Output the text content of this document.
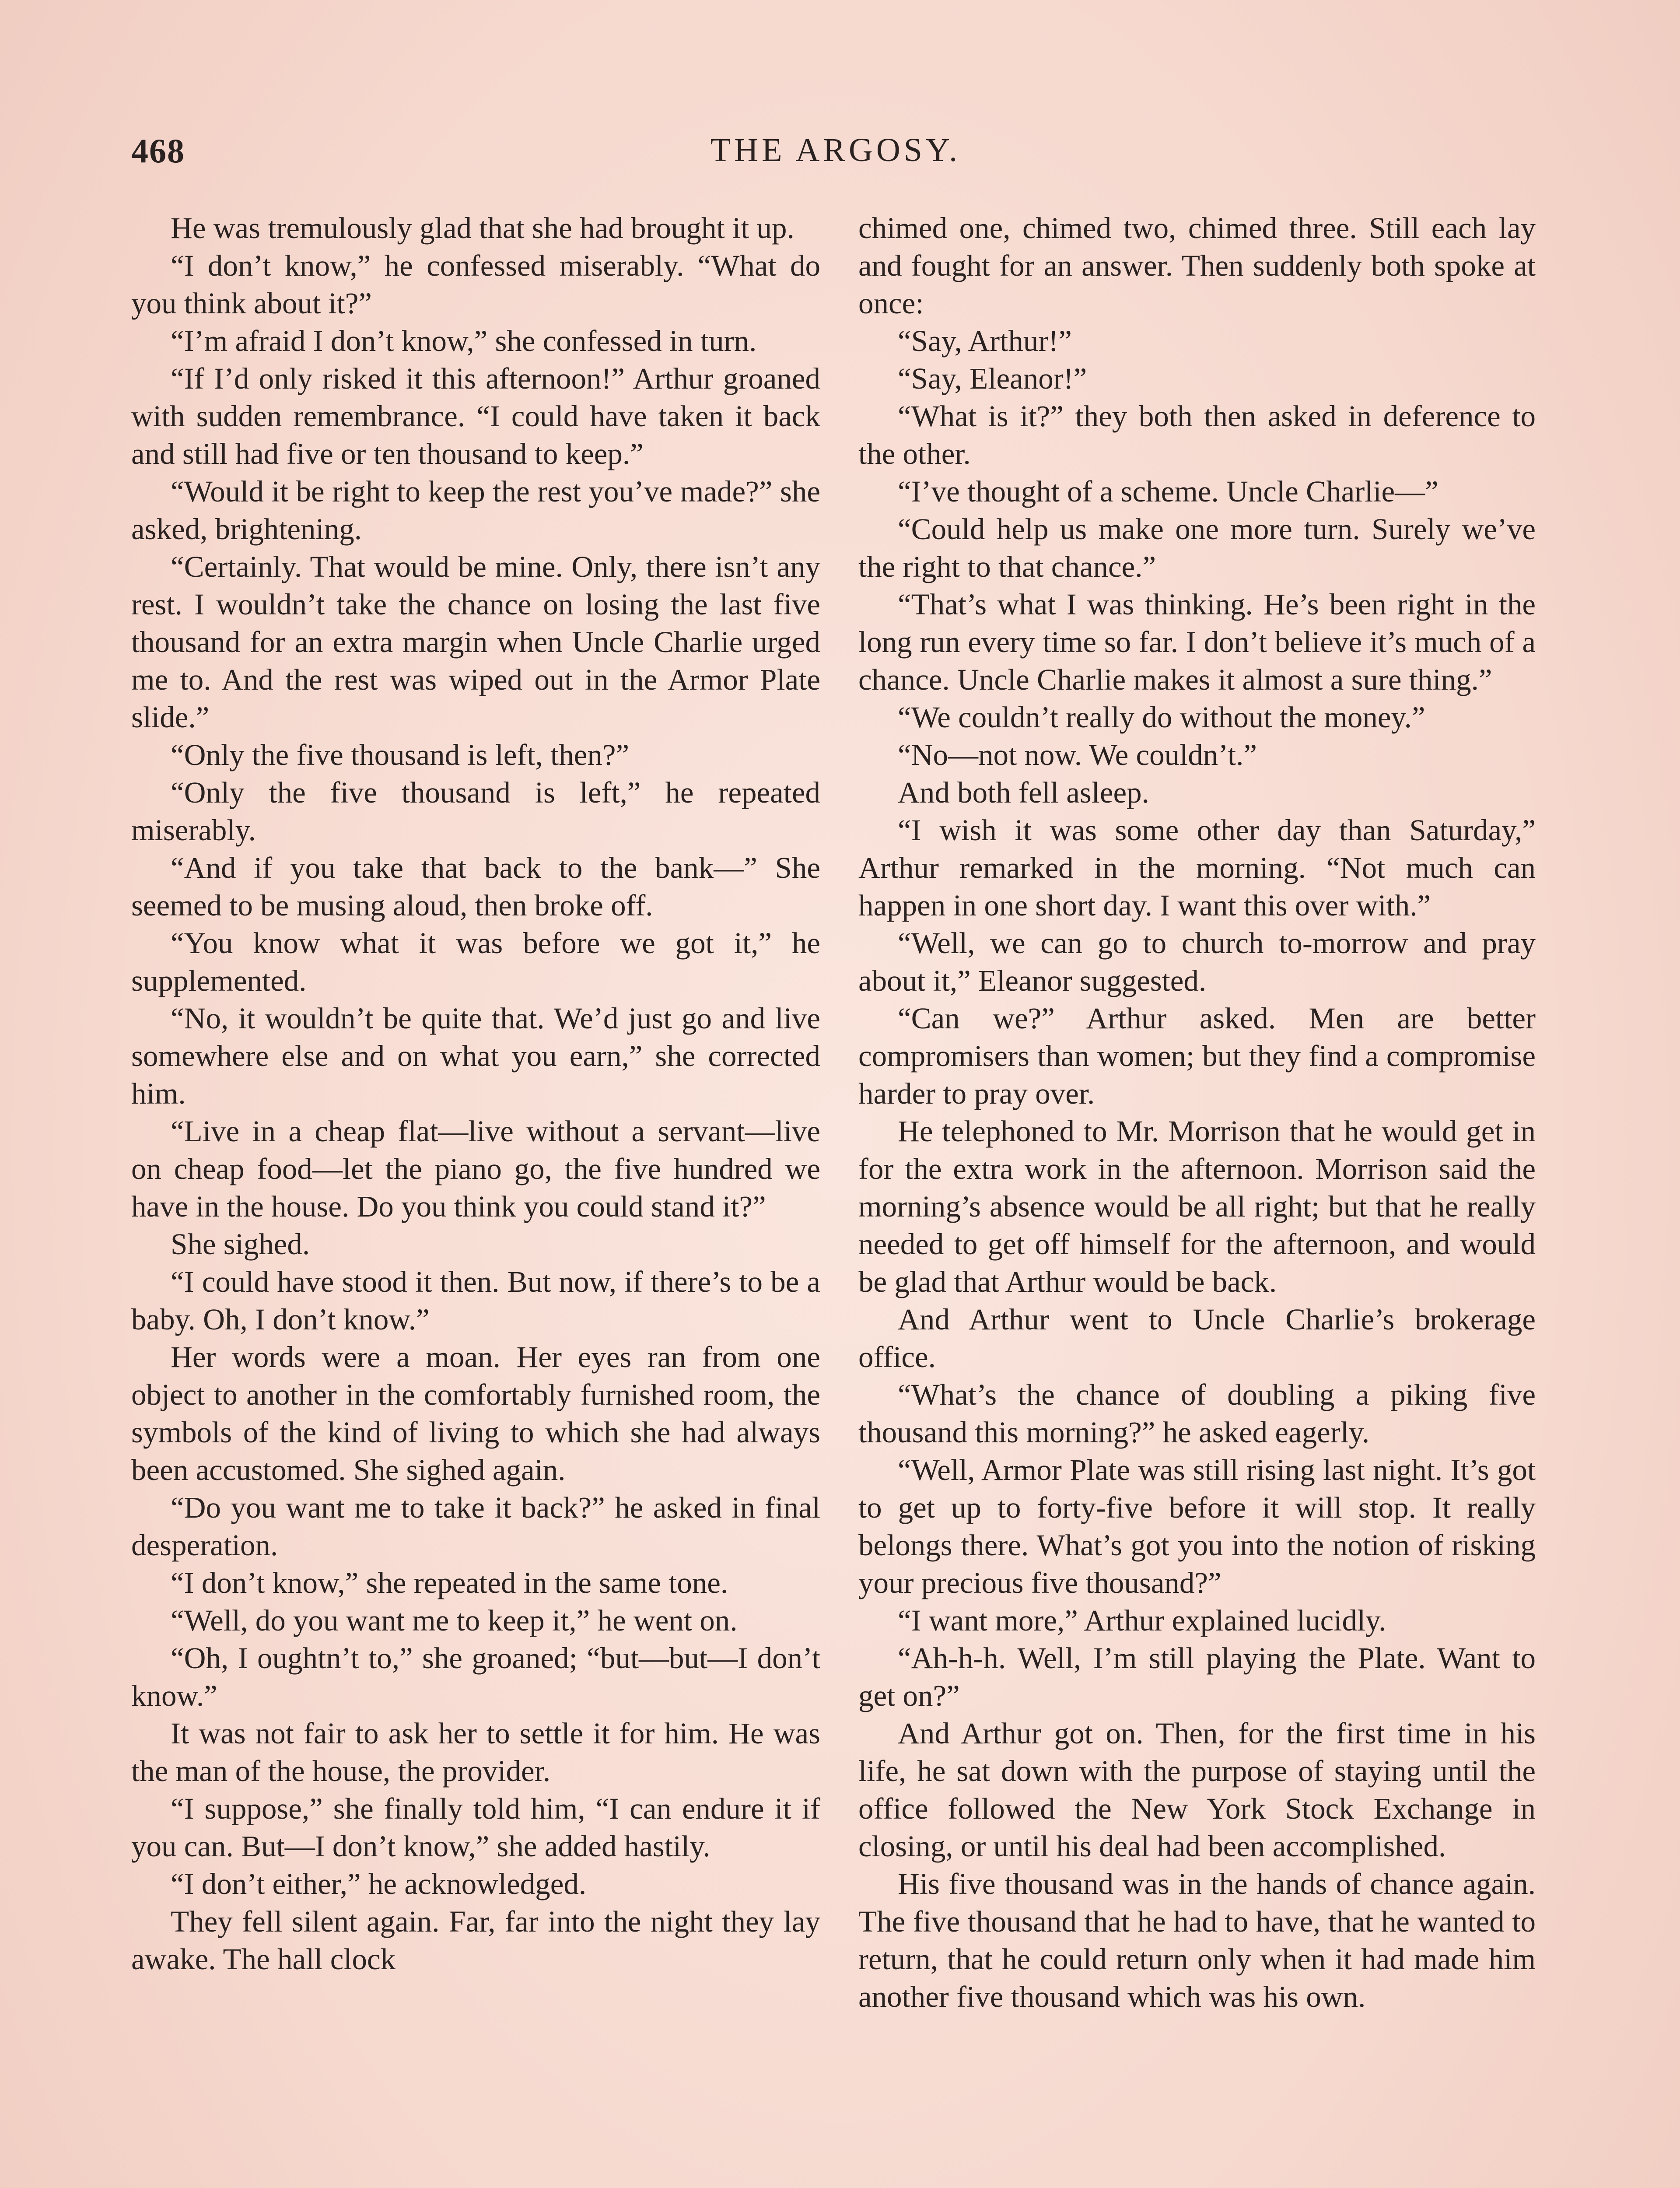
468	THE ARGOSY.

He was tremulously glad that she had brought it up.

“I don’t know,” he confessed miserably. “What do you think about it?”

“I’m afraid I don’t know,” she confessed in turn.

“If I’d only risked it this afternoon!” Arthur groaned with sudden remembrance. “I could have taken it back and still had five or ten thousand to keep.”

“Would it be right to keep the rest you’ve made?” she asked, brightening.

“Certainly. That would be mine. Only, there isn’t any rest. I wouldn’t take the chance on losing the last five thousand for an extra margin when Uncle Charlie urged me to. And the rest was wiped out in the Armor Plate slide.”

“Only the five thousand is left, then?”

“Only the five thousand is left,” he repeated miserably.

“And if you take that back to the bank—” She seemed to be musing aloud, then broke off.

“You know what it was before we got it,” he supplemented.

“No, it wouldn’t be quite that. We’d just go and live somewhere else and on what you earn,” she corrected him.

“Live in a cheap flat—live without a servant—live on cheap food—let the piano go, the five hundred we have in the house. Do you think you could stand it?”

She sighed.

“I could have stood it then. But now, if there’s to be a baby. Oh, I don’t know.”

Her words were a moan. Her eyes ran from one object to another in the comfortably furnished room, the symbols of the kind of living to which she had always been accustomed. She sighed again.

“Do you want me to take it back?” he asked in final desperation.

“I don’t know,” she repeated in the same tone.

“Well, do you want me to keep it,” he went on.

“Oh, I oughtn’t to,” she groaned; “but—but—I don’t know.”

It was not fair to ask her to settle it for him. He was the man of the house, the provider.

“I suppose,” she finally told him, “I can endure it if you can. But—I don’t know,” she added hastily.

“I don’t either,” he acknowledged.

They fell silent again. Far, far into the night they lay awake. The hall clock

chimed one, chimed two, chimed three. Still each lay and fought for an answer. Then suddenly both spoke at once:

“Say, Arthur!”

“Say, Eleanor!”

“What is it?” they both then asked in deference to the other.

“I’ve thought of a scheme. Uncle Charlie—”

“Could help us make one more turn. Surely we’ve the right to that chance.”

“That’s what I was thinking. He’s been right in the long run every time so far. I don’t believe it’s much of a chance. Uncle Charlie makes it almost a sure thing.”

“We couldn’t really do without the money.”

“No—not now. We couldn’t.”

And both fell asleep.

“I wish it was some other day than Saturday,” Arthur remarked in the morning. “Not much can happen in one short day. I want this over with.”

“Well, we can go to church to-morrow and pray about it,” Eleanor suggested.

“Can we?” Arthur asked. Men are better compromisers than women; but they find a compromise harder to pray over.

He telephoned to Mr. Morrison that he would get in for the extra work in the afternoon. Morrison said the morning’s absence would be all right; but that he really needed to get off himself for the afternoon, and would be glad that Arthur would be back.

And Arthur went to Uncle Charlie’s brokerage office.

“What’s the chance of doubling a piking five thousand this morning?” he asked eagerly.

“Well, Armor Plate was still rising last night. It’s got to get up to forty-five before it will stop. It really belongs there. What’s got you into the notion of risking your precious five thousand?”

“I want more,” Arthur explained lucidly.

“Ah-h-h. Well, I’m still playing the Plate. Want to get on?”

And Arthur got on. Then, for the first time in his life, he sat down with the purpose of staying until the office followed the New York Stock Exchange in closing, or until his deal had been accomplished.

His five thousand was in the hands of chance again. The five thousand that he had to have, that he wanted to return, that he could return only when it had made him another five thousand which was his own.
